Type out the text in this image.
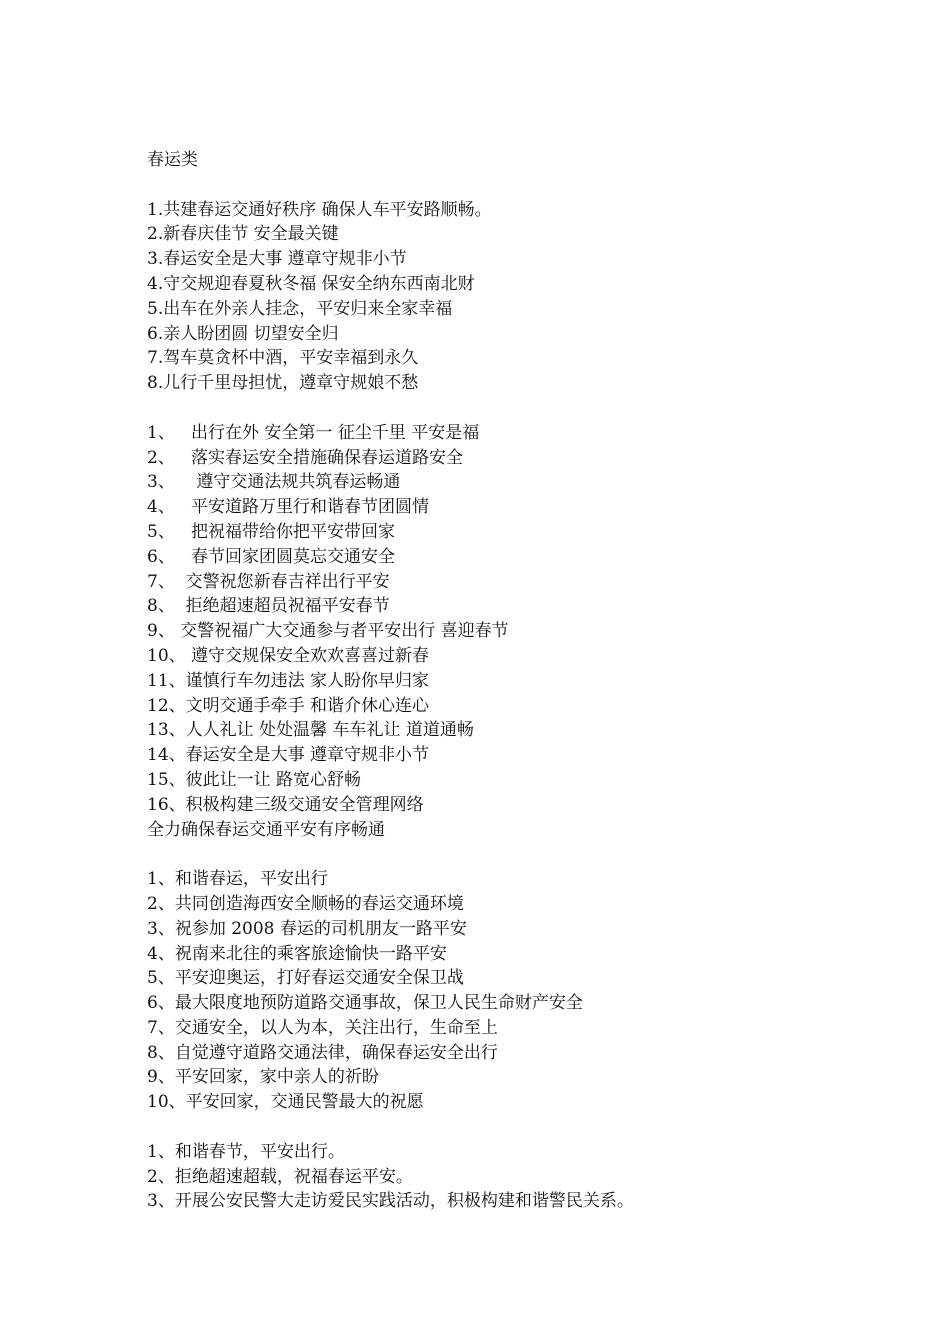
春运类
1.共建春运交通好秩序 确保人车平安路顺畅。
2.新春庆佳节 安全最关键
3.春运安全是大事 遵章守规非小节
4.守交规迎春夏秋冬福 保安全纳东西南北财
5.出车在外亲人挂念，平安归来全家幸福
6.亲人盼团圆 切望安全归
7.驾车莫贪杯中酒，平安幸福到永久
8.儿行千里母担忧，遵章守规娘不愁
1、   出行在外 安全第一 征尘千里 平安是福
2、   落实春运安全措施确保春运道路安全
3、    遵守交通法规共筑春运畅通
4、   平安道路万里行和谐春节团圆情
5、   把祝福带给你把平安带回家
6、   春节回家团圆莫忘交通安全
7、  交警祝您新春吉祥出行平安
8、  拒绝超速超员祝福平安春节
9、 交警祝福广大交通参与者平安出行 喜迎春节
10、 遵守交规保安全欢欢喜喜过新春
11、谨慎行车勿违法 家人盼你早归家
12、文明交通手牵手 和谐介休心连心
13、人人礼让 处处温馨 车车礼让 道道通畅
14、春运安全是大事 遵章守规非小节
15、彼此让一让 路宽心舒畅
16、积极构建三级交通安全管理网络
全力确保春运交通平安有序畅通
1、和谐春运，平安出行
2、共同创造海西安全顺畅的春运交通环境
3、祝参加 2008 春运的司机朋友一路平安
4、祝南来北往的乘客旅途愉快一路平安
5、平安迎奥运，打好春运交通安全保卫战
6、最大限度地预防道路交通事故，保卫人民生命财产安全
7、交通安全，以人为本，关注出行，生命至上
8、自觉遵守道路交通法律，确保春运安全出行
9、平安回家，家中亲人的祈盼
10、平安回家，交通民警最大的祝愿
1、和谐春节，平安出行。
2、拒绝超速超载，祝福春运平安。
3、开展公安民警大走访爱民实践活动，积极构建和谐警民关系。
